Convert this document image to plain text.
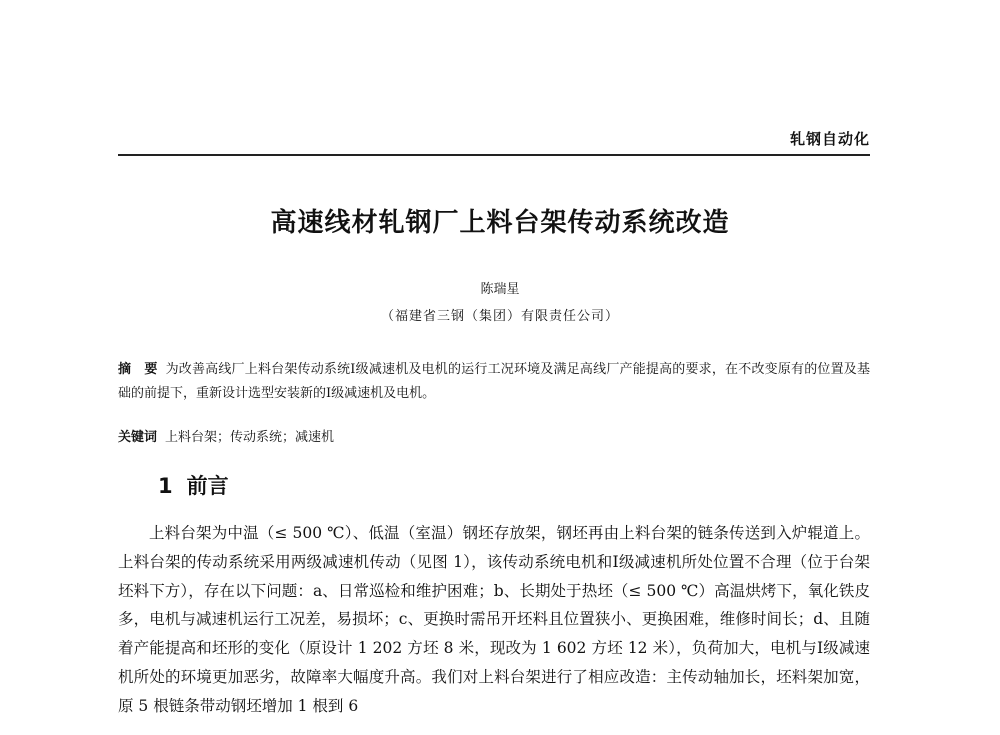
轧钢自动化
高速线材轧钢厂上料台架传动系统改造
陈瑞星
（福建省三钢（集团）有限责任公司）
摘　要 为改善高线厂上料台架传动系统Ⅰ级减速机及电机的运行工况环境及满足高线厂产能提高的要求，在不改变原有的位置及基础的前提下，重新设计选型安装新的Ⅰ级减速机及电机。
关键词 上料台架；传动系统；减速机
1 前言
上料台架为中温（≤ 500 ℃）、低温（室温）钢坯存放架，钢坯再由上料台架的链条传送到入炉辊道上。上料台架的传动系统采用两级减速机传动（见图 1），该传动系统电机和Ⅰ级减速机所处位置不合理（位于台架坯料下方），存在以下问题：a、日常巡检和维护困难；b、长期处于热坯（≤ 500 ℃）高温烘烤下，氧化铁皮多，电机与减速机运行工况差，易损坏；c、更换时需吊开坯料且位置狭小、更换困难，维修时间长；d、且随着产能提高和坯形的变化（原设计 1 202 方坯 8 米，现改为 1 602 方坯 12 米），负荷加大，电机与Ⅰ级减速机所处的环境更加恶劣，故障率大幅度升高。我们对上料台架进行了相应改造：主传动轴加长，坯料架加宽，原 5 根链条带动钢坯增加 1 根到 6
